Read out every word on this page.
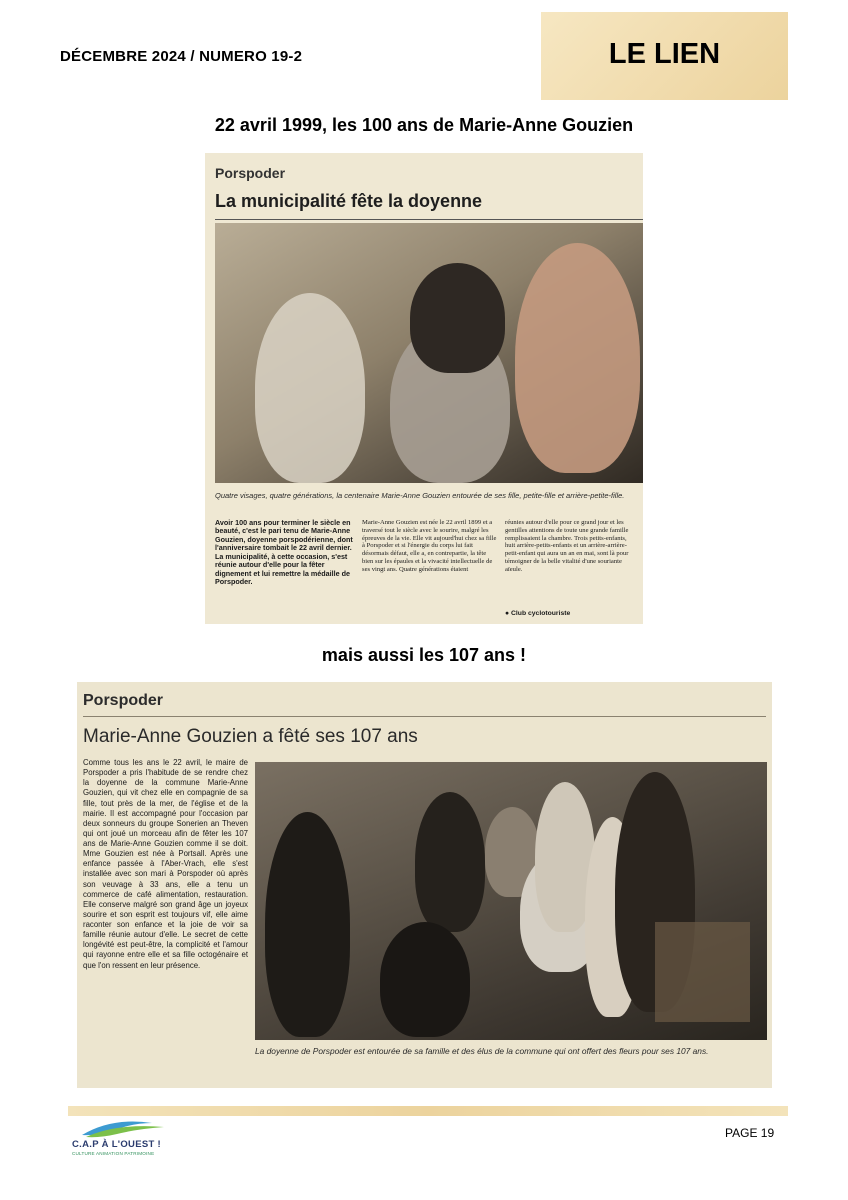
DÉCEMBRE 2024 / NUMERO 19-2	LE LIEN
22 avril 1999, les 100 ans de Marie-Anne Gouzien
Porspoder
La municipalité fête la doyenne
Quatre visages, quatre générations, la centenaire Marie-Anne Gouzien entourée de ses fille, petite-fille et arrière-petite-fille.
Avoir 100 ans pour terminer le siècle en beauté, c'est le pari tenu de Marie-Anne Gouzien, doyenne porspodérienne, dont l'anniversaire tombait le 22 avril dernier. La municipalité, à cette occasion, s'est réunie autour d'elle pour la fêter dignement et lui remettre la médaille de Porspoder.
Marie-Anne Gouzien est née le 22 avril 1899 et a traversé tout le siècle avec le sourire, malgré les épreuves de la vie. Elle vit aujourd'hui chez sa fille à Porspoder et si l'énergie du corps lui fait désormais défaut, elle a, en contrepartie, la tête bien sur les épaules et la vivacité intellectuelle de ses vingt ans. Quatre générations étaient
réunies autour d'elle pour ce grand jour et les gentilles attentions de toute une grande famille remplissaient la chambre. Trois petits-enfants, huit arrière-petits-enfants et un arrière-arrière-petit-enfant qui aura un an en mai, sont là pour témoigner de la belle vitalité d'une souriante aïeule.
● Club cyclotouriste
mais aussi les 107 ans !
Porspoder
Marie-Anne Gouzien a fêté ses 107 ans
Comme tous les ans le 22 avril, le maire de Porspoder a pris l'habitude de se rendre chez la doyenne de la commune Marie-Anne Gouzien, qui vit chez elle en compagnie de sa fille, tout près de la mer, de l'église et de la mairie. Il est accompagné pour l'occasion par deux sonneurs du groupe Sonerien an Theven qui ont joué un morceau afin de fêter les 107 ans de Marie-Anne Gouzien comme il se doit. Mme Gouzien est née à Portsall. Après une enfance passée à l'Aber-Vrach, elle s'est installée avec son mari à Porspoder où après son veuvage à 33 ans, elle a tenu un commerce de café alimentation, restauration. Elle conserve malgré son grand âge un joyeux sourire et son esprit est toujours vif, elle aime raconter son enfance et la joie de voir sa famille réunie autour d'elle. Le secret de cette longévité est peut-être, la complicité et l'amour qui rayonne entre elle et sa fille octogénaire et que l'on ressent en leur présence.
La doyenne de Porspoder est entourée de sa famille et des élus de la commune qui ont offert des fleurs pour ses 107 ans.
C.A.P À L'OUEST !
CULTURE ANIMATION PATRIMOINE
PAGE 19
